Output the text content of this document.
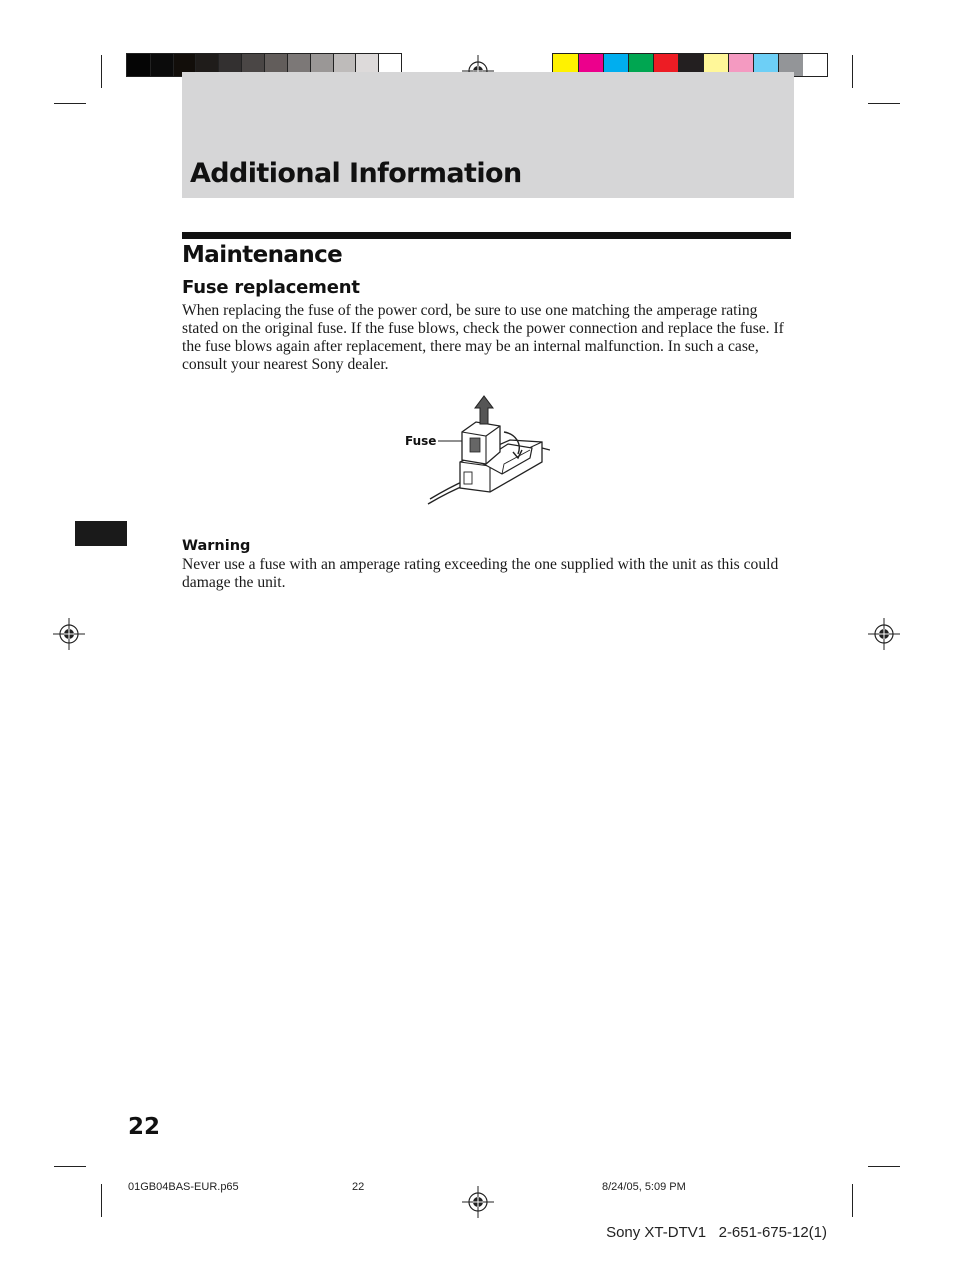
Additional Information
Maintenance
Fuse replacement

When replacing the fuse of the power cord, be sure to use one matching the amperage rating stated on the original fuse. If the fuse blows, check the power connection and replace the fuse. If the fuse blows again after replacement, there may be an internal malfunction. In such a case, consult your nearest Sony dealer.

Fuse

Warning

Never use a fuse with an amperage rating exceeding the one supplied with the unit as this could damage the unit.

22

01GB04BAS-EUR.p65	22	8/24/05, 5:09 PM

Sony XT-DTV1   2-651-675-12(1)
